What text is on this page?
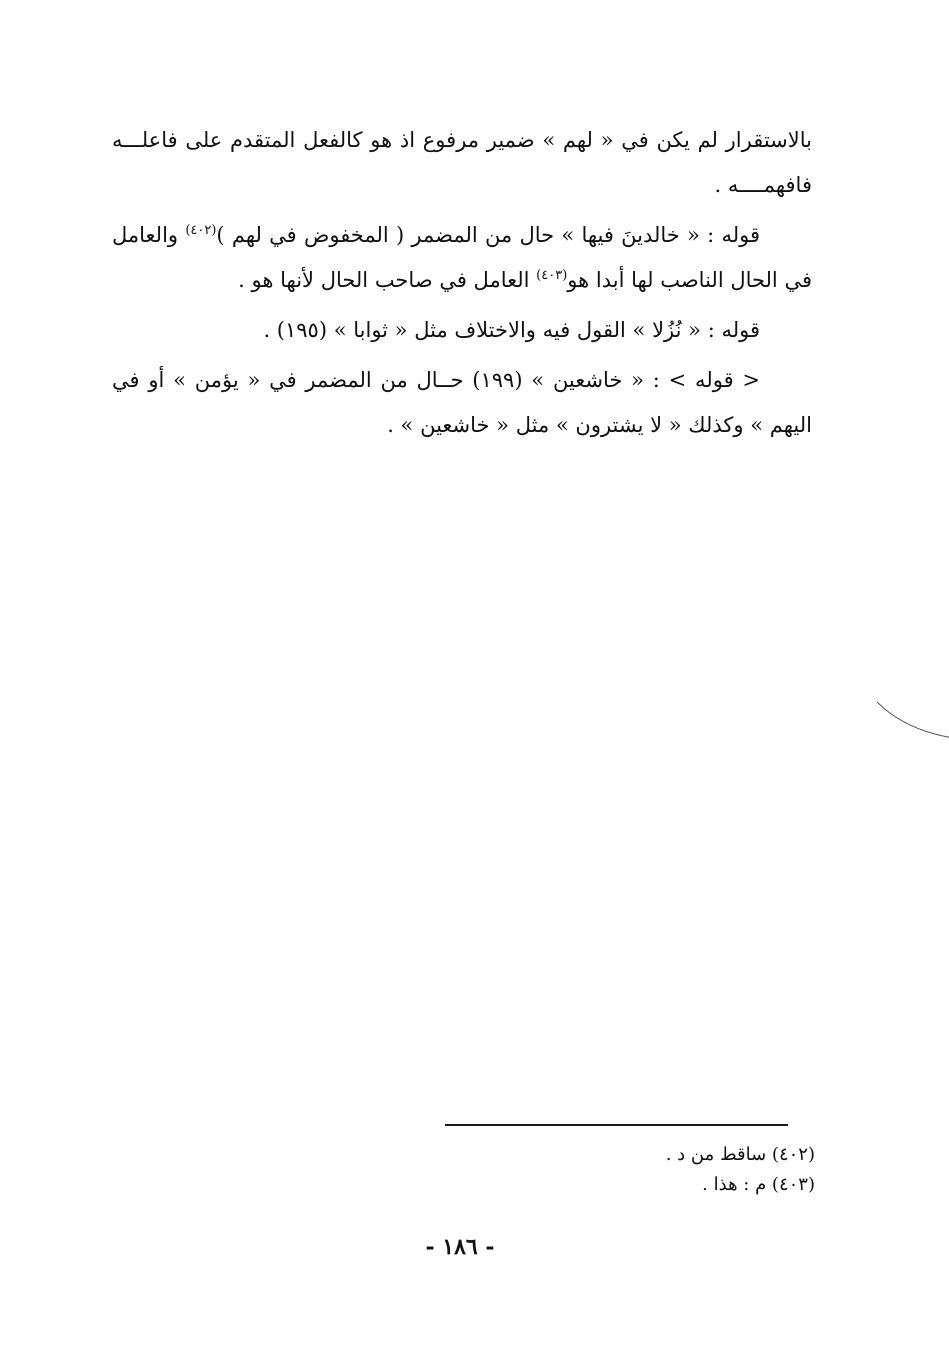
بالاستقرار لم يكن في « لهم » ضمير مرفوع اذ هو كالفعل المتقدم على فاعلـــه فافهمــــه .

قوله : « خالدينَ فيها » حال من المضمر ( المخفوض في لهم )$^{(٤٠٢)}$ والعامل في الحال الناصب لها أبدا هو$^{(٤٠٣)}$ العامل في صاحب الحال لأنها هو .

قوله : « نُزُلا » القول فيه والاختلاف مثل « ثوابا » (١٩٥) .

< قوله > : « خاشعين » (١٩٩) حــال من المضمر في « يؤمن » أو في اليهم » وكذلك « لا يشترون » مثل « خاشعين » .

(٤٠٢) ساقط من د .

(٤٠٣) م : هذا .

- ١٨٦ -
